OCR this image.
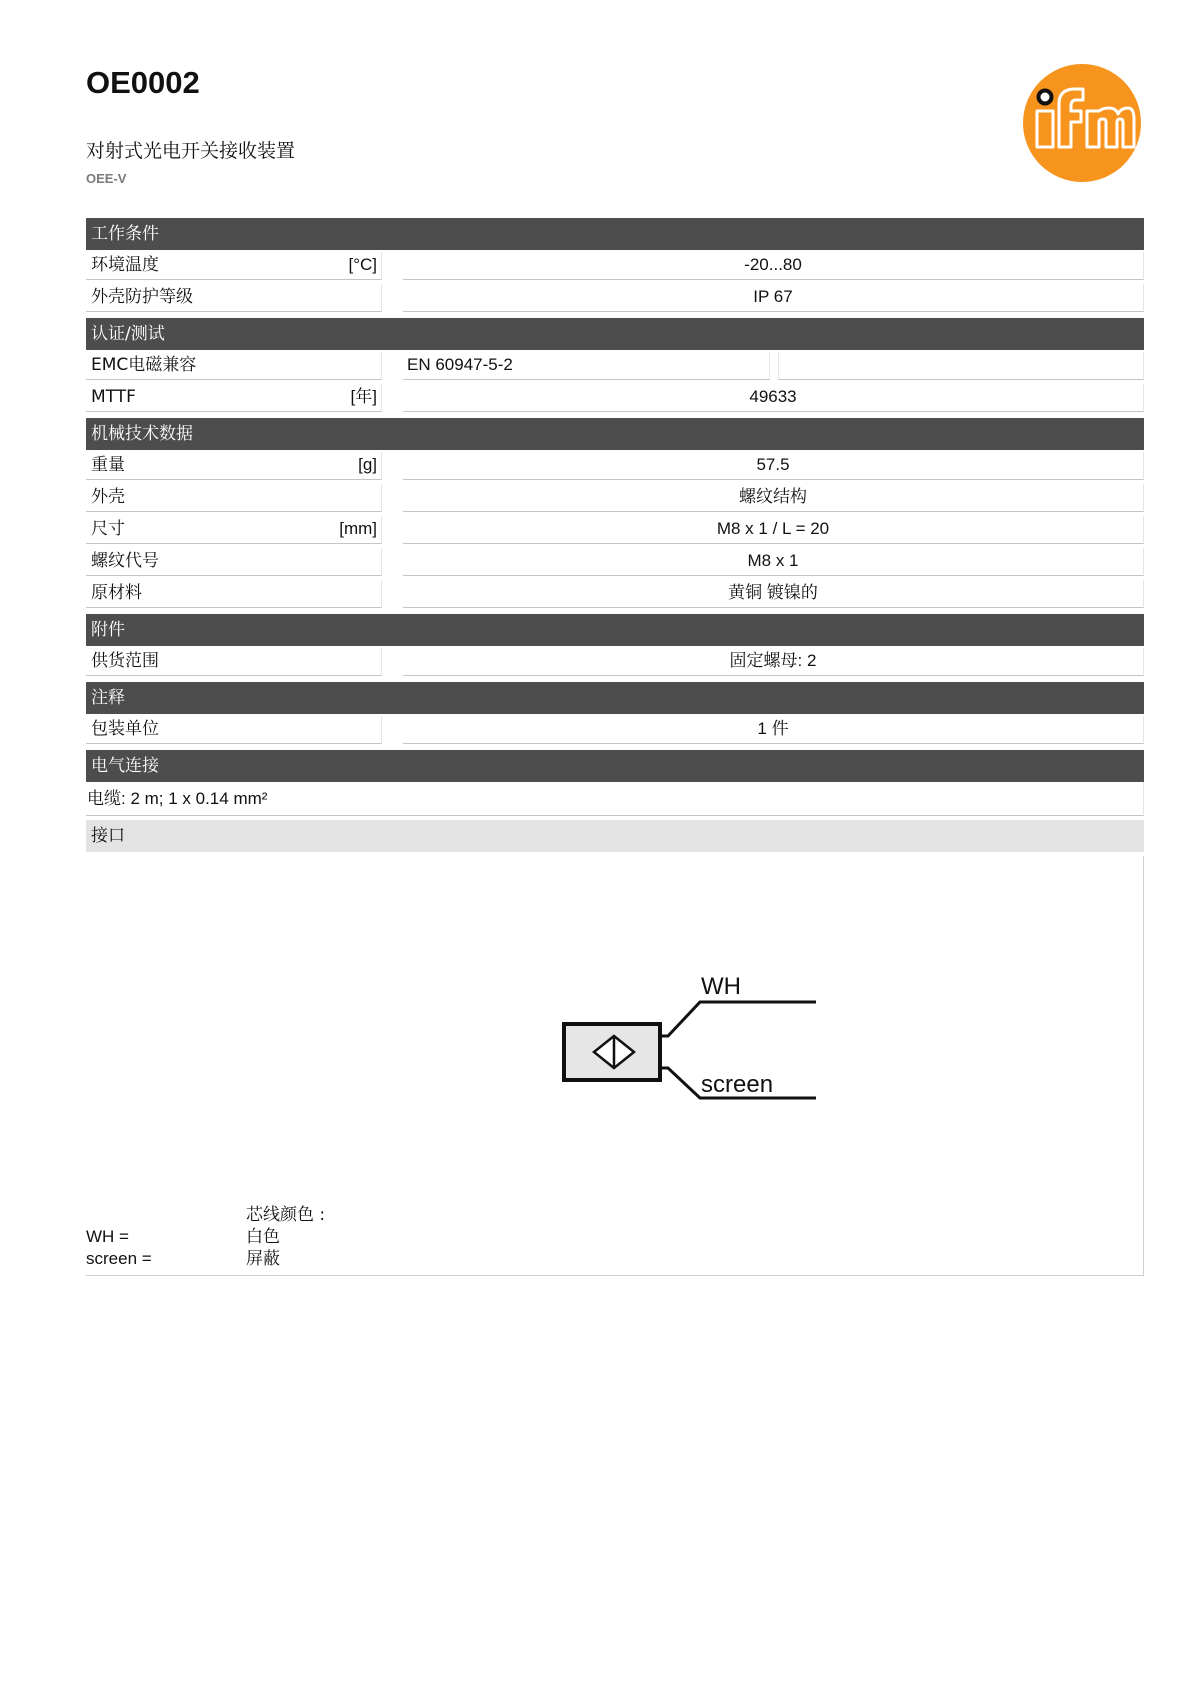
OE0002
对射式光电开关接收装置
OEE-V
工作条件
环境温度	[°C]	-20...80
外壳防护等级	IP 67
认证/测试
EMC电磁兼容	EN 60947-5-2
MTTF	[年]	49633
机械技术数据
重量	[g]	57.5
外壳	螺纹结构
尺寸	[mm]	M8 x 1 / L = 20
螺纹代号	M8 x 1
原材料	黄铜 镀镍的
附件
供货范围	固定螺母: 2
注释
包装单位	1 件
电气连接
电缆: 2 m; 1 x 0.14 mm²
接口
WH
screen
芯线颜色 :
WH =	白色
screen =	屏蔽
